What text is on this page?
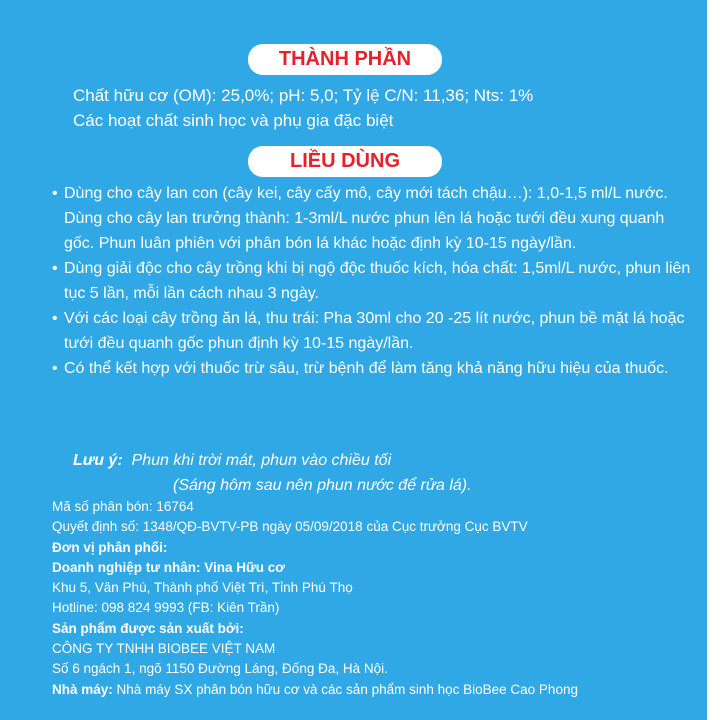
THÀNH PHẦN
Chất hữu cơ (OM): 25,0%; pH: 5,0; Tỷ lệ C/N: 11,36; Nts: 1%
Các hoạt chất sinh học và phụ gia đặc biệt
LIỀU DÙNG
• Dùng cho cây lan con (cây kei, cây cấy mô, cây mới tách chậu…): 1,0-1,5 ml/L nước. Dùng cho cây lan trưởng thành: 1-3ml/L nước phun lên lá hoặc tưới đều xung quanh gốc. Phun luân phiên với phân bón lá khác hoặc định kỳ 10-15 ngày/lần.
• Dùng giải độc cho cây trồng khi bị ngộ độc thuốc kích, hóa chất: 1,5ml/L nước, phun liên tục 5 lần, mỗi lần cách nhau 3 ngày.
• Với các loại cây trồng ăn lá, thu trái: Pha 30ml cho 20 -25 lít nước, phun bề mặt lá hoặc tưới đều quanh gốc phun định kỳ 10-15 ngày/lần.
• Có thể kết hợp với thuốc trừ sâu, trừ bệnh để làm tăng khả năng hữu hiệu của thuốc.
Lưu ý: Phun khi trời mát, phun vào chiều tối
(Sáng hôm sau nên phun nước để rửa lá).
Mã số phân bón: 16764
Quyết định số: 1348/QĐ-BVTV-PB ngày 05/09/2018 của Cục trưởng Cục BVTV
Đơn vị phân phối:
Doanh nghiệp tư nhân: Vina Hữu cơ
Khu 5, Vân Phú, Thành phố Việt Trì, Tỉnh Phú Thọ
Hotline: 098 824 9993 (FB: Kiên Trần)
Sản phẩm được sản xuất bởi:
CÔNG TY TNHH BIOBEE VIỆT NAM
Số 6 ngách 1, ngõ 1150 Đường Láng, Đống Đa, Hà Nội.
Nhà máy: Nhà máy SX phân bón hữu cơ và các sản phẩm sinh học BioBee Cao Phong
